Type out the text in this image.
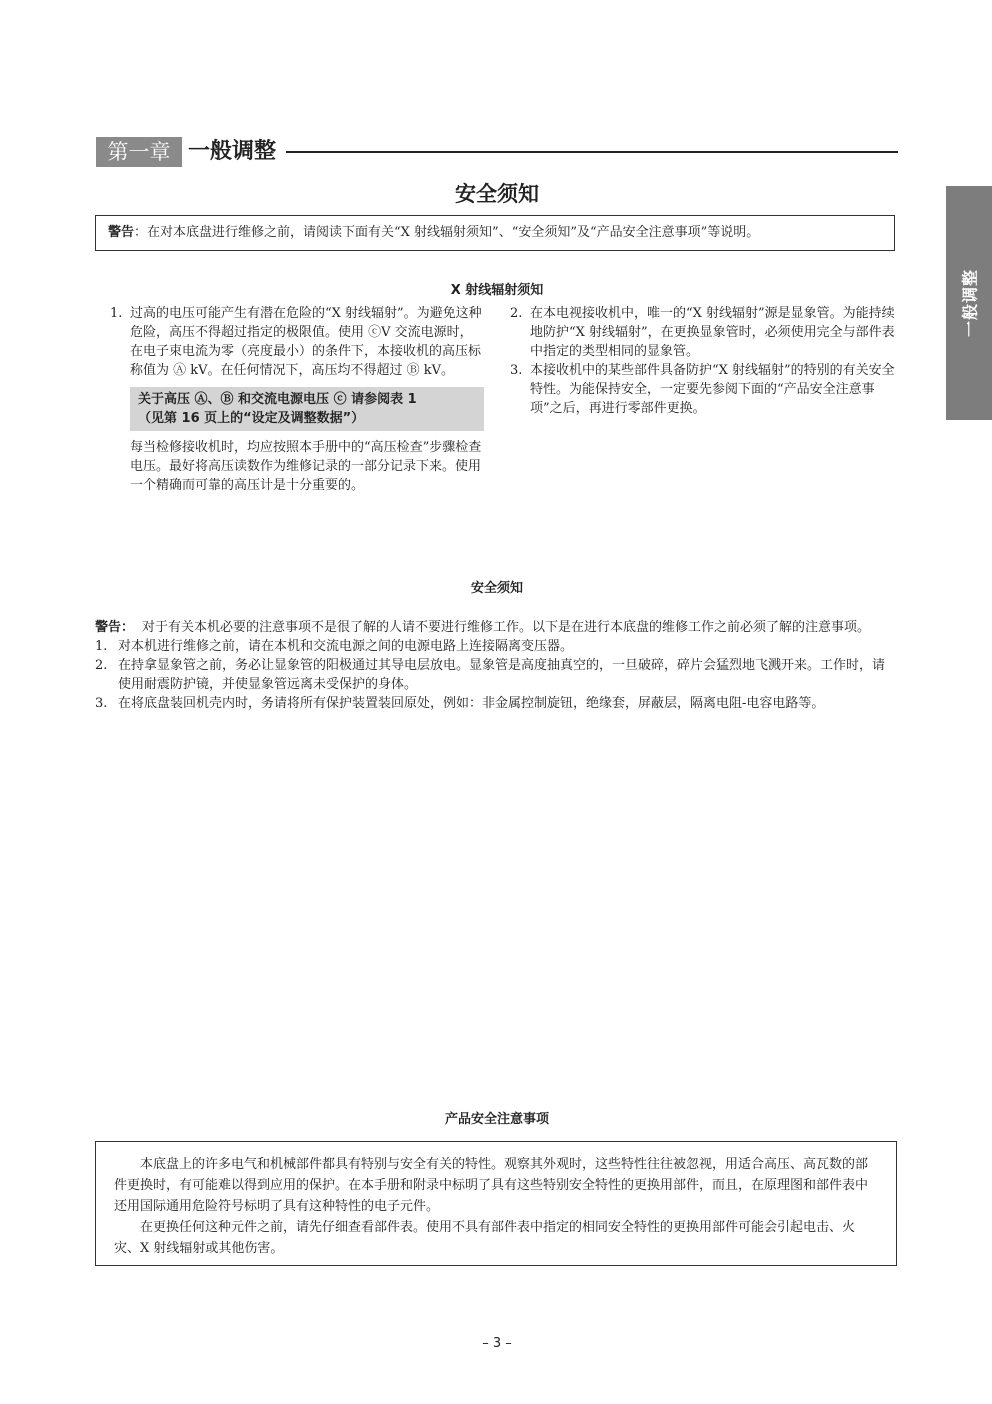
第一章 一般调整
一般调整
安全须知
警告：在对本底盘进行维修之前，请阅读下面有关“X 射线辐射须知”、“安全须知”及“产品安全注意事项”等说明。
X 射线辐射须知
1. 过高的电压可能产生有潜在危险的“X 射线辐射”。为避免这种危险，高压不得超过指定的极限值。使用 ⓒV 交流电源时，在电子束电流为零（亮度最小）的条件下，本接收机的高压标称值为 Ⓐ kV。在任何情况下，高压均不得超过 Ⓑ kV。
关于高压 Ⓐ、Ⓑ 和交流电源电压 ⓒ 请参阅表 1
（见第 16 页上的“设定及调整数据”）
每当检修接收机时，均应按照本手册中的“高压检查”步骤检查电压。最好将高压读数作为维修记录的一部分记录下来。使用一个精确而可靠的高压计是十分重要的。
2. 在本电视接收机中，唯一的“X 射线辐射”源是显象管。为能持续地防护“X 射线辐射”，在更换显象管时，必须使用完全与部件表中指定的类型相同的显象管。
3. 本接收机中的某些部件具备防护“X 射线辐射”的特别的有关安全特性。为能保持安全，一定要先参阅下面的“产品安全注意事项”之后，再进行零部件更换。
安全须知
警告： 对于有关本机必要的注意事项不是很了解的人请不要进行维修工作。以下是在进行本底盘的维修工作之前必须了解的注意事项。
1. 对本机进行维修之前，请在本机和交流电源之间的电源电路上连接隔离变压器。
2. 在持拿显象管之前，务必让显象管的阳极通过其导电层放电。显象管是高度抽真空的，一旦破碎，碎片会猛烈地飞溅开来。工作时，请使用耐震防护镜，并使显象管远离未受保护的身体。
3. 在将底盘装回机壳内时，务请将所有保护装置装回原处，例如：非金属控制旋钮，绝缘套，屏蔽层，隔离电阻-电容电路等。
产品安全注意事项

本底盘上的许多电气和机械部件都具有特别与安全有关的特性。观察其外观时，这些特性往往被忽视，用适合高压、高瓦数的部件更换时，有可能难以得到应用的保护。在本手册和附录中标明了具有这些特别安全特性的更换用部件，而且，在原理图和部件表中还用国际通用危险符号标明了具有这种特性的电子元件。

在更换任何这种元件之前，请先仔细查看部件表。使用不具有部件表中指定的相同安全特性的更换用部件可能会引起电击、火灾、X 射线辐射或其他伤害。

– 3 –
